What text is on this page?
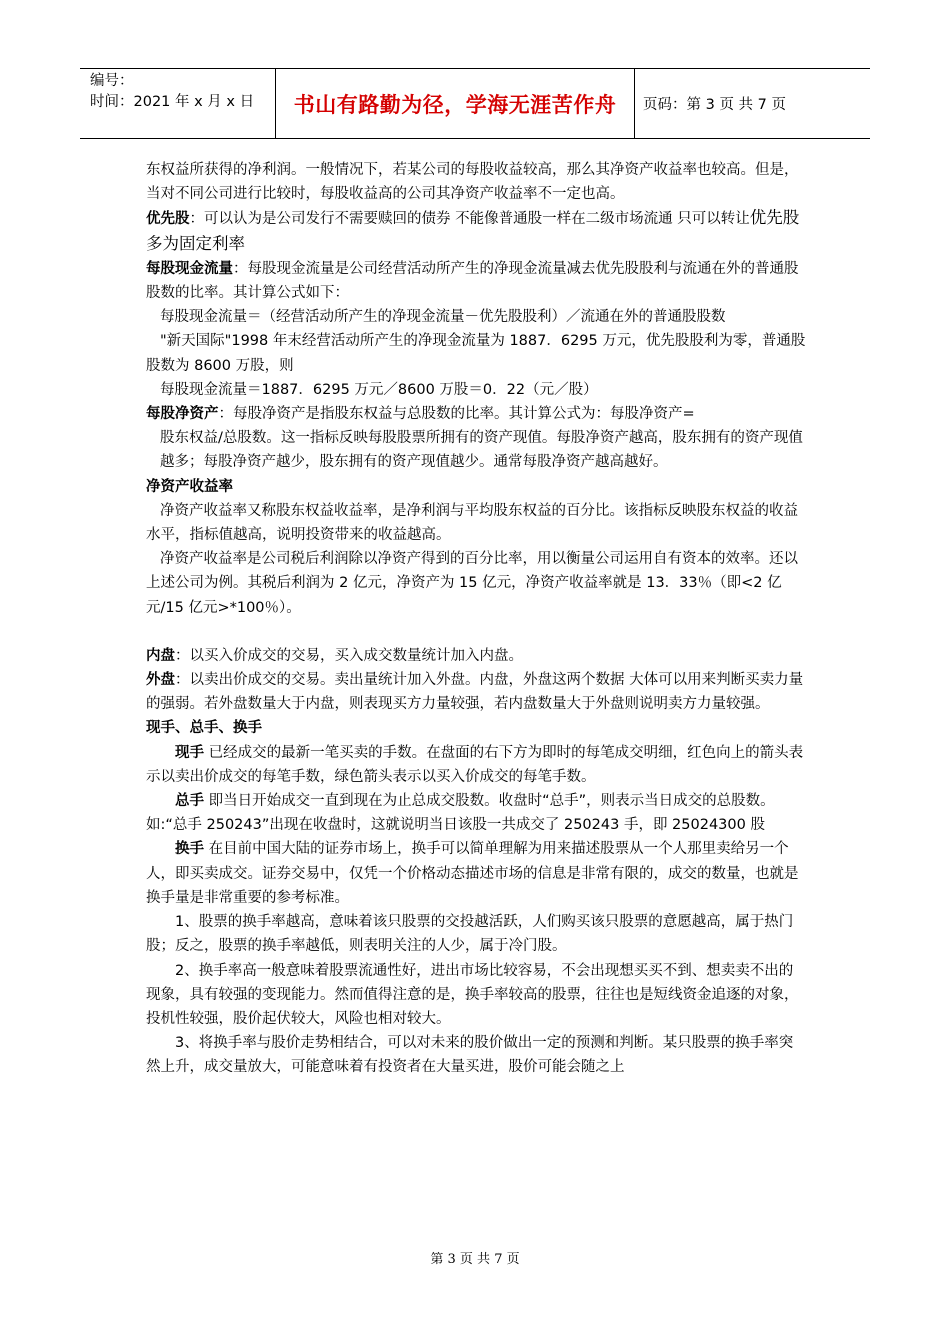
编号：
时间：2021 年 x 月 x 日	书山有路勤为径，学海无涯苦作舟	页码：第 3 页 共 7 页

东权益所获得的净利润。一般情况下，若某公司的每股收益较高，那么其净资产收益率也较高。但是，当对不同公司进行比较时，每股收益高的公司其净资产收益率不一定也高。

优先股：可以认为是公司发行不需要赎回的债券 不能像普通股一样在二级市场流通 只可以转让优先股多为固定利率

每股现金流量：每股现金流量是公司经营活动所产生的净现金流量减去优先股股利与流通在外的普通股股数的比率。其计算公式如下：

每股现金流量＝（经营活动所产生的净现金流量－优先股股利）／流通在外的普通股股数

"新天国际"1998 年末经营活动所产生的净现金流量为 1887．6295 万元，优先股股利为零，普通股股数为 8600 万股，则

每股现金流量＝1887．6295 万元／8600 万股＝0．22（元／股）

每股净资产：每股净资产是指股东权益与总股数的比率。其计算公式为：每股净资产=

股东权益/总股数。这一指标反映每股股票所拥有的资产现值。每股净资产越高，股东拥有的资产现值越多；每股净资产越少，股东拥有的资产现值越少。通常每股净资产越高越好。

净资产收益率

净资产收益率又称股东权益收益率，是净利润与平均股东权益的百分比。该指标反映股东权益的收益水平，指标值越高，说明投资带来的收益越高。

净资产收益率是公司税后利润除以净资产得到的百分比率，用以衡量公司运用自有资本的效率。还以上述公司为例。其税后利润为 2 亿元，净资产为 15 亿元，净资产收益率就是 13．33％（即<2 亿元/15 亿元>*100％）。

内盘：以买入价成交的交易，买入成交数量统计加入内盘。

外盘：以卖出价成交的交易。卖出量统计加入外盘。内盘，外盘这两个数据 大体可以用来判断买卖力量的强弱。若外盘数量大于内盘，则表现买方力量较强，若内盘数量大于外盘则说明卖方力量较强。

现手、总手、换手

现手 已经成交的最新一笔买卖的手数。在盘面的右下方为即时的每笔成交明细，红色向上的箭头表示以卖出价成交的每笔手数，绿色箭头表示以买入价成交的每笔手数。

总手 即当日开始成交一直到现在为止总成交股数。收盘时“总手”，则表示当日成交的总股数。如:“总手 250243”出现在收盘时，这就说明当日该股一共成交了 250243 手，即 25024300 股

换手 在目前中国大陆的证券市场上，换手可以简单理解为用来描述股票从一个人那里卖给另一个人，即买卖成交。证券交易中，仅凭一个价格动态描述市场的信息是非常有限的，成交的数量，也就是换手量是非常重要的参考标准。

1、股票的换手率越高，意味着该只股票的交投越活跃，人们购买该只股票的意愿越高，属于热门股；反之，股票的换手率越低，则表明关注的人少，属于冷门股。

2、换手率高一般意味着股票流通性好，进出市场比较容易，不会出现想买买不到、想卖卖不出的现象，具有较强的变现能力。然而值得注意的是，换手率较高的股票，往往也是短线资金追逐的对象，投机性较强，股价起伏较大，风险也相对较大。

3、将换手率与股价走势相结合，可以对未来的股价做出一定的预测和判断。某只股票的换手率突然上升，成交量放大，可能意味着有投资者在大量买进，股价可能会随之上

第 3 页 共 7 页
